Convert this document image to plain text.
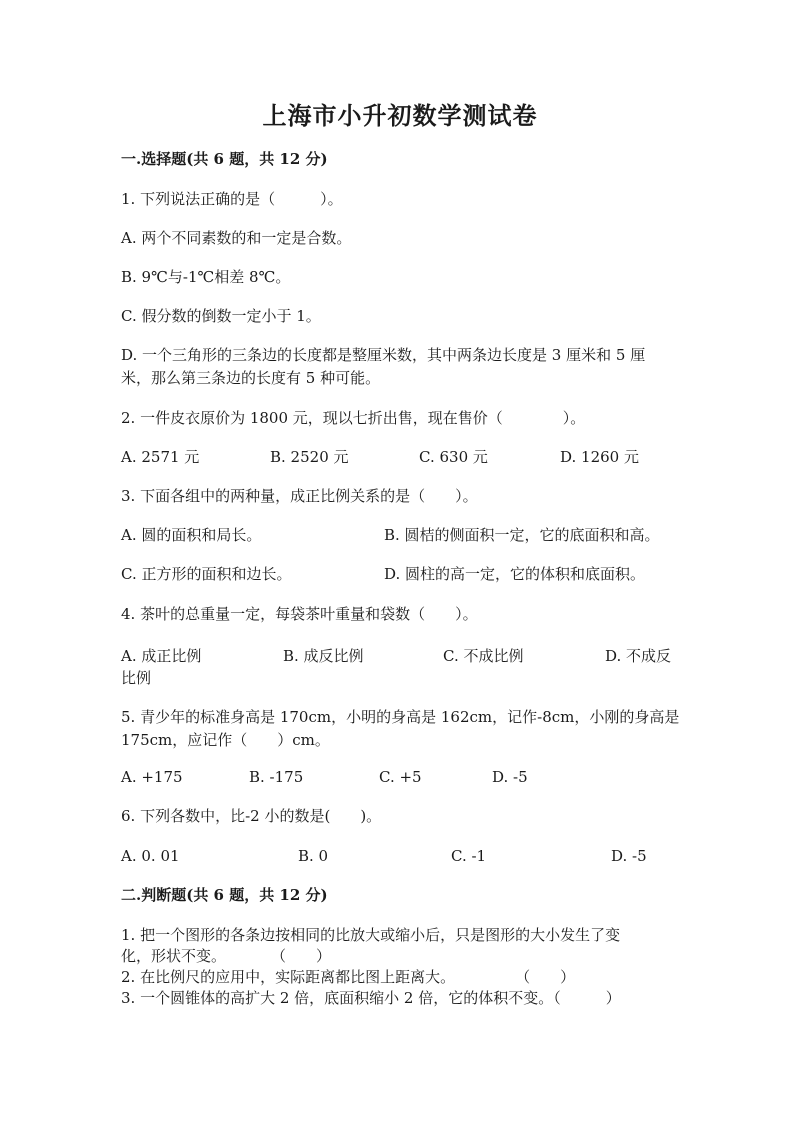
上海市小升初数学测试卷
一.选择题(共 6 题，共 12 分)
1. 下列说法正确的是（　　　）。
A. 两个不同素数的和一定是合数。
B. 9℃与-1℃相差 8℃。
C. 假分数的倒数一定小于 1。
D. 一个三角形的三条边的长度都是整厘米数，其中两条边长度是 3 厘米和 5 厘
米，那么第三条边的长度有 5 种可能。
2. 一件皮衣原价为 1800 元，现以七折出售，现在售价（　　　　）。
A. 2571 元	B. 2520 元	C. 630 元	D. 1260 元
3. 下面各组中的两种量，成正比例关系的是（　　）。
A. 圆的面积和局长。	B. 圆桔的侧面积一定，它的底面积和高。
C. 正方形的面积和边长。	D. 圆柱的高一定，它的体积和底面积。
4. 茶叶的总重量一定，每袋茶叶重量和袋数（　　）。
A. 成正比例	B. 成反比例	C. 不成比例	D. 不成反
比例
5. 青少年的标准身高是 170cm，小明的身高是 162cm，记作-8cm，小刚的身高是
175cm，应记作（　　）cm。
A. +175	B. -175	C. +5	D. -5
6. 下列各数中，比-2 小的数是(　　)。
A. 0. 01	B. 0	C. -1	D. -5
二.判断题(共 6 题，共 12 分)
1. 把一个图形的各条边按相同的比放大或缩小后，只是图形的大小发生了变
化，形状不变。　　　　（　　）
2. 在比例尺的应用中，实际距离都比图上距离大。　　　　　（　　）
3. 一个圆锥体的高扩大 2 倍，底面积缩小 2 倍，它的体积不变。（　　　）
